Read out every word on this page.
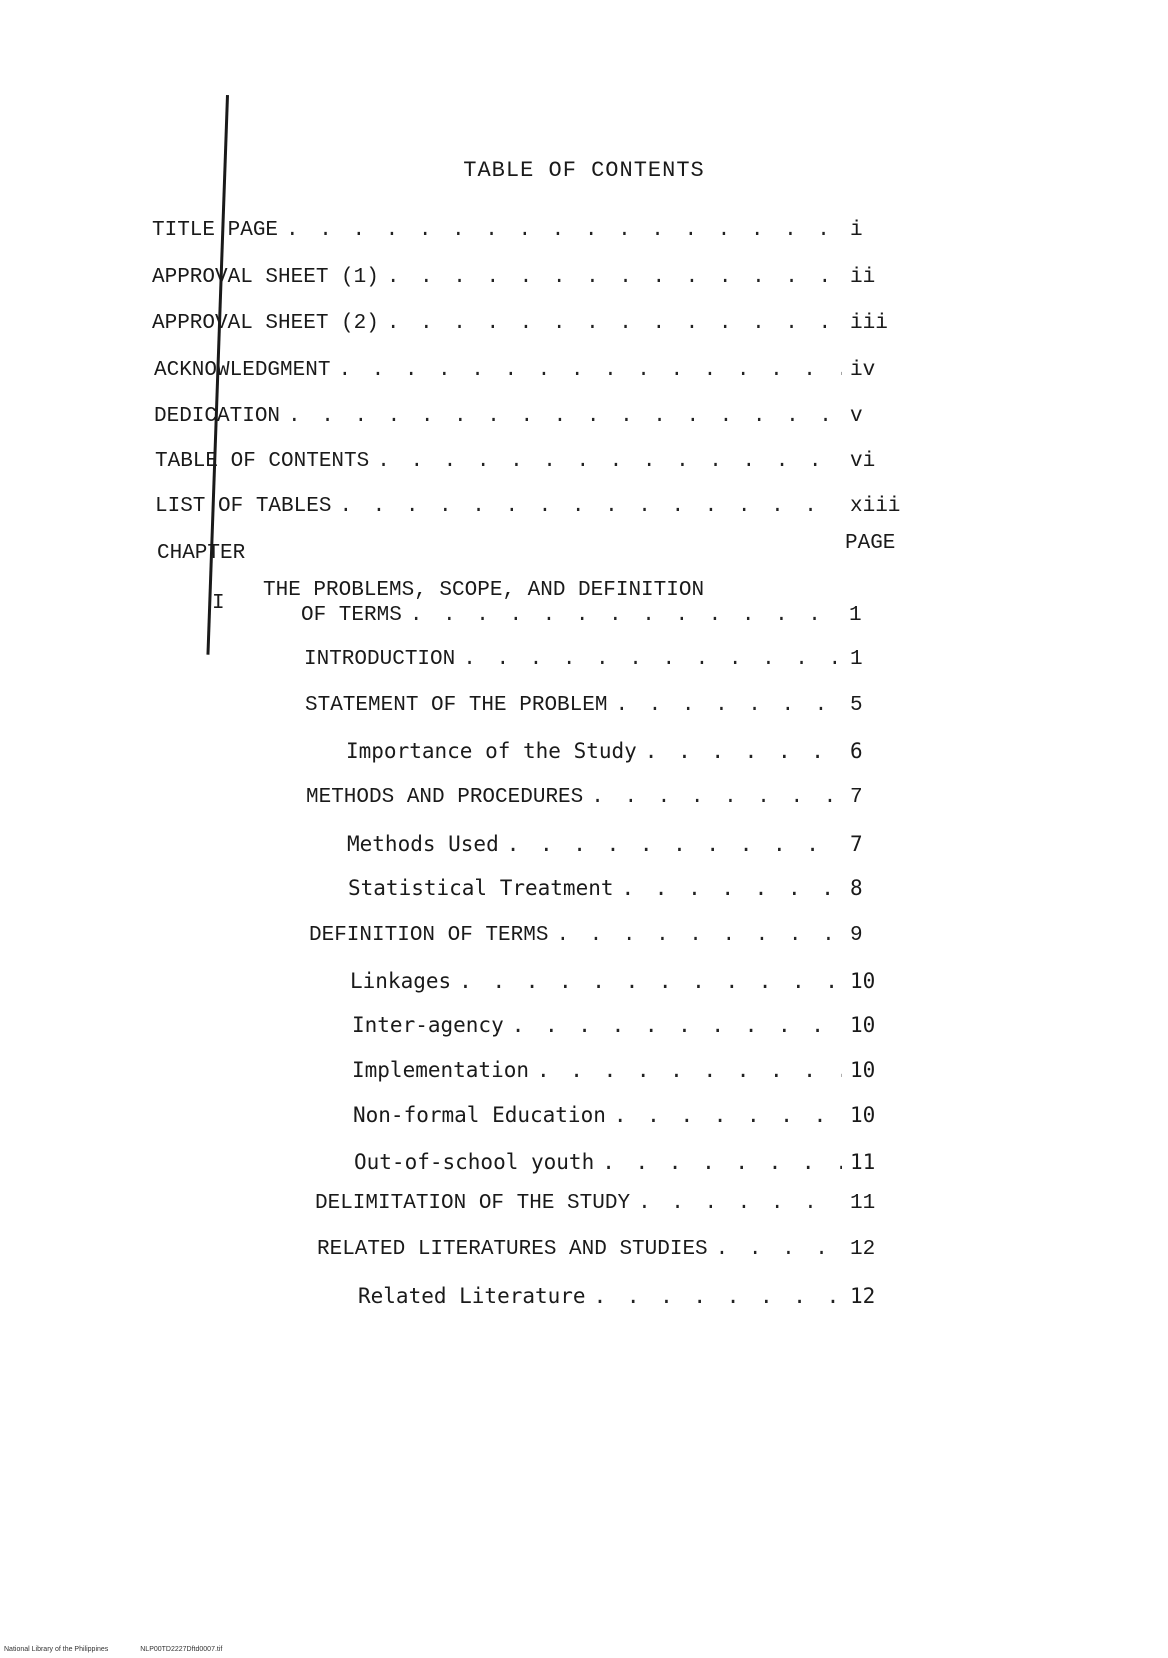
TABLE OF CONTENTS
TITLE PAGE . . .	i
APPROVAL SHEET (1) . . .	ii
APPROVAL SHEET (2) . . .	iii
ACKNOWLEDGMENT . . .	iv
DEDICATION . . .	v
TABLE OF CONTENTS . . .	vi
LIST OF TABLES . . .	xiii
CHAPTER	PAGE
I
THE PROBLEMS, SCOPE, AND DEFINITION
OF TERMS . . .	1
INTRODUCTION . . .	1
STATEMENT OF THE PROBLEM . . .	5
Importance of the Study . . .	6
METHODS AND PROCEDURES . . .	7
Methods Used . . .	7
Statistical Treatment . . .	8
DEFINITION OF TERMS . . .	9
Linkages . . .	10
Inter-agency . . .	10
Implementation . . .	10
Non-formal Education . . .	10
Out-of-school youth . . .	11
DELIMITATION OF THE STUDY . . .	11
RELATED LITERATURES AND STUDIES . . .	12
Related Literature . . .	12
National Library of the Philippines	NLP00TD2227Dftd0007.tif
